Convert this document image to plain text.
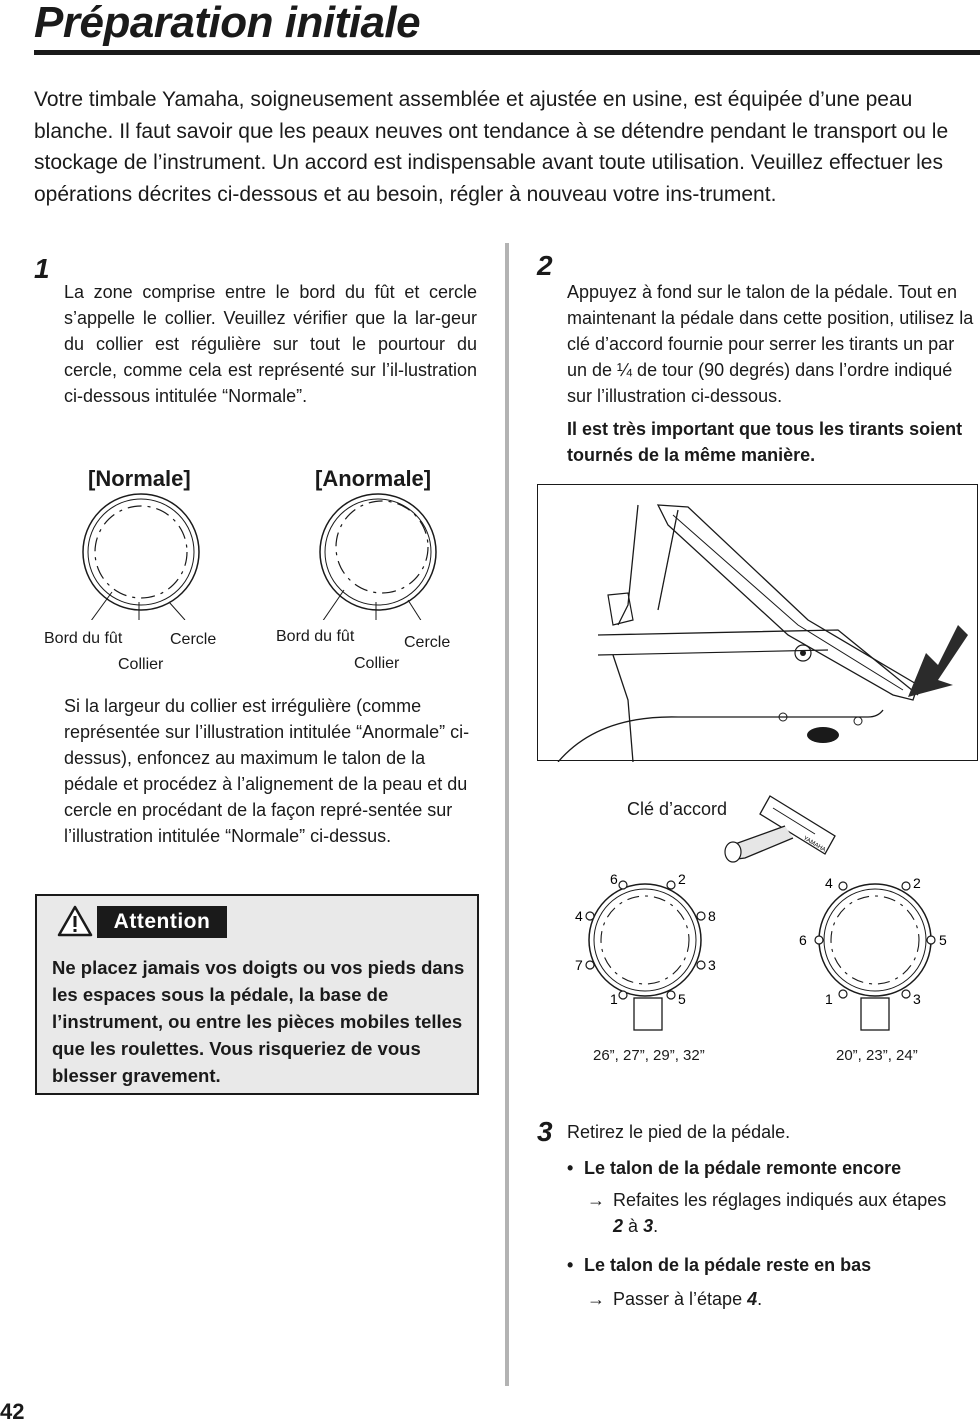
Préparation initiale

Votre timbale Yamaha, soigneusement assemblée et ajustée en usine, est équipée d’une peau blanche. Il faut savoir que les peaux neuves ont tendance à se détendre pendant le transport ou le stockage de l’instrument. Un accord est indispensable avant toute utilisation. Veuillez effectuer les opérations décrites ci-dessous et au besoin, régler à nouveau votre ins-trument.

1

La zone comprise entre le bord du fût et cercle s’appelle le collier. Veuillez vérifier que la lar-geur du collier est régulière sur tout le pourtour du cercle, comme cela est représenté sur l’il-lustration ci-dessous intitulée “Normale”.

[Normale]	[Anormale]
Bord du fût	Cercle
Collier
Bord du fût	Cercle
Collier

Si la largeur du collier est irrégulière (comme représentée sur l’illustration intitulée “Anormale” ci-dessus), enfoncez au maximum le talon de la pédale et procédez à l’alignement de la peau et du cercle en procédant de la façon repré-sentée sur l’illustration intitulée “Normale” ci-dessus.

Attention

Ne placez jamais vos doigts ou vos pieds dans les espaces sous la pédale, la base de l’instrument, ou entre les pièces mobiles telles que les roulettes. Vous risqueriez de vous blesser gravement.

2

Appuyez à fond sur le talon de la pédale. Tout en maintenant la pédale dans cette position, utilisez la clé d’accord fournie pour serrer les tirants un par un de ¼ de tour (90 degrés) dans l’ordre indiqué sur l’illustration ci-dessous.

Il est très important que tous les tirants soient tournés de la même manière.

Clé d’accord
YAMAHA
6	2
4	8
7	3
1	5
26”, 27”, 29”, 32”
4	2
6	5
1	3
20”, 23”, 24”
3 Retirez le pied de la pédale.

• Le talon de la pédale remonte encore
→ Refaites les réglages indiqués aux étapes
2 à 3.
• Le talon de la pédale reste en bas
→ Passer à l’étape 4.
42
